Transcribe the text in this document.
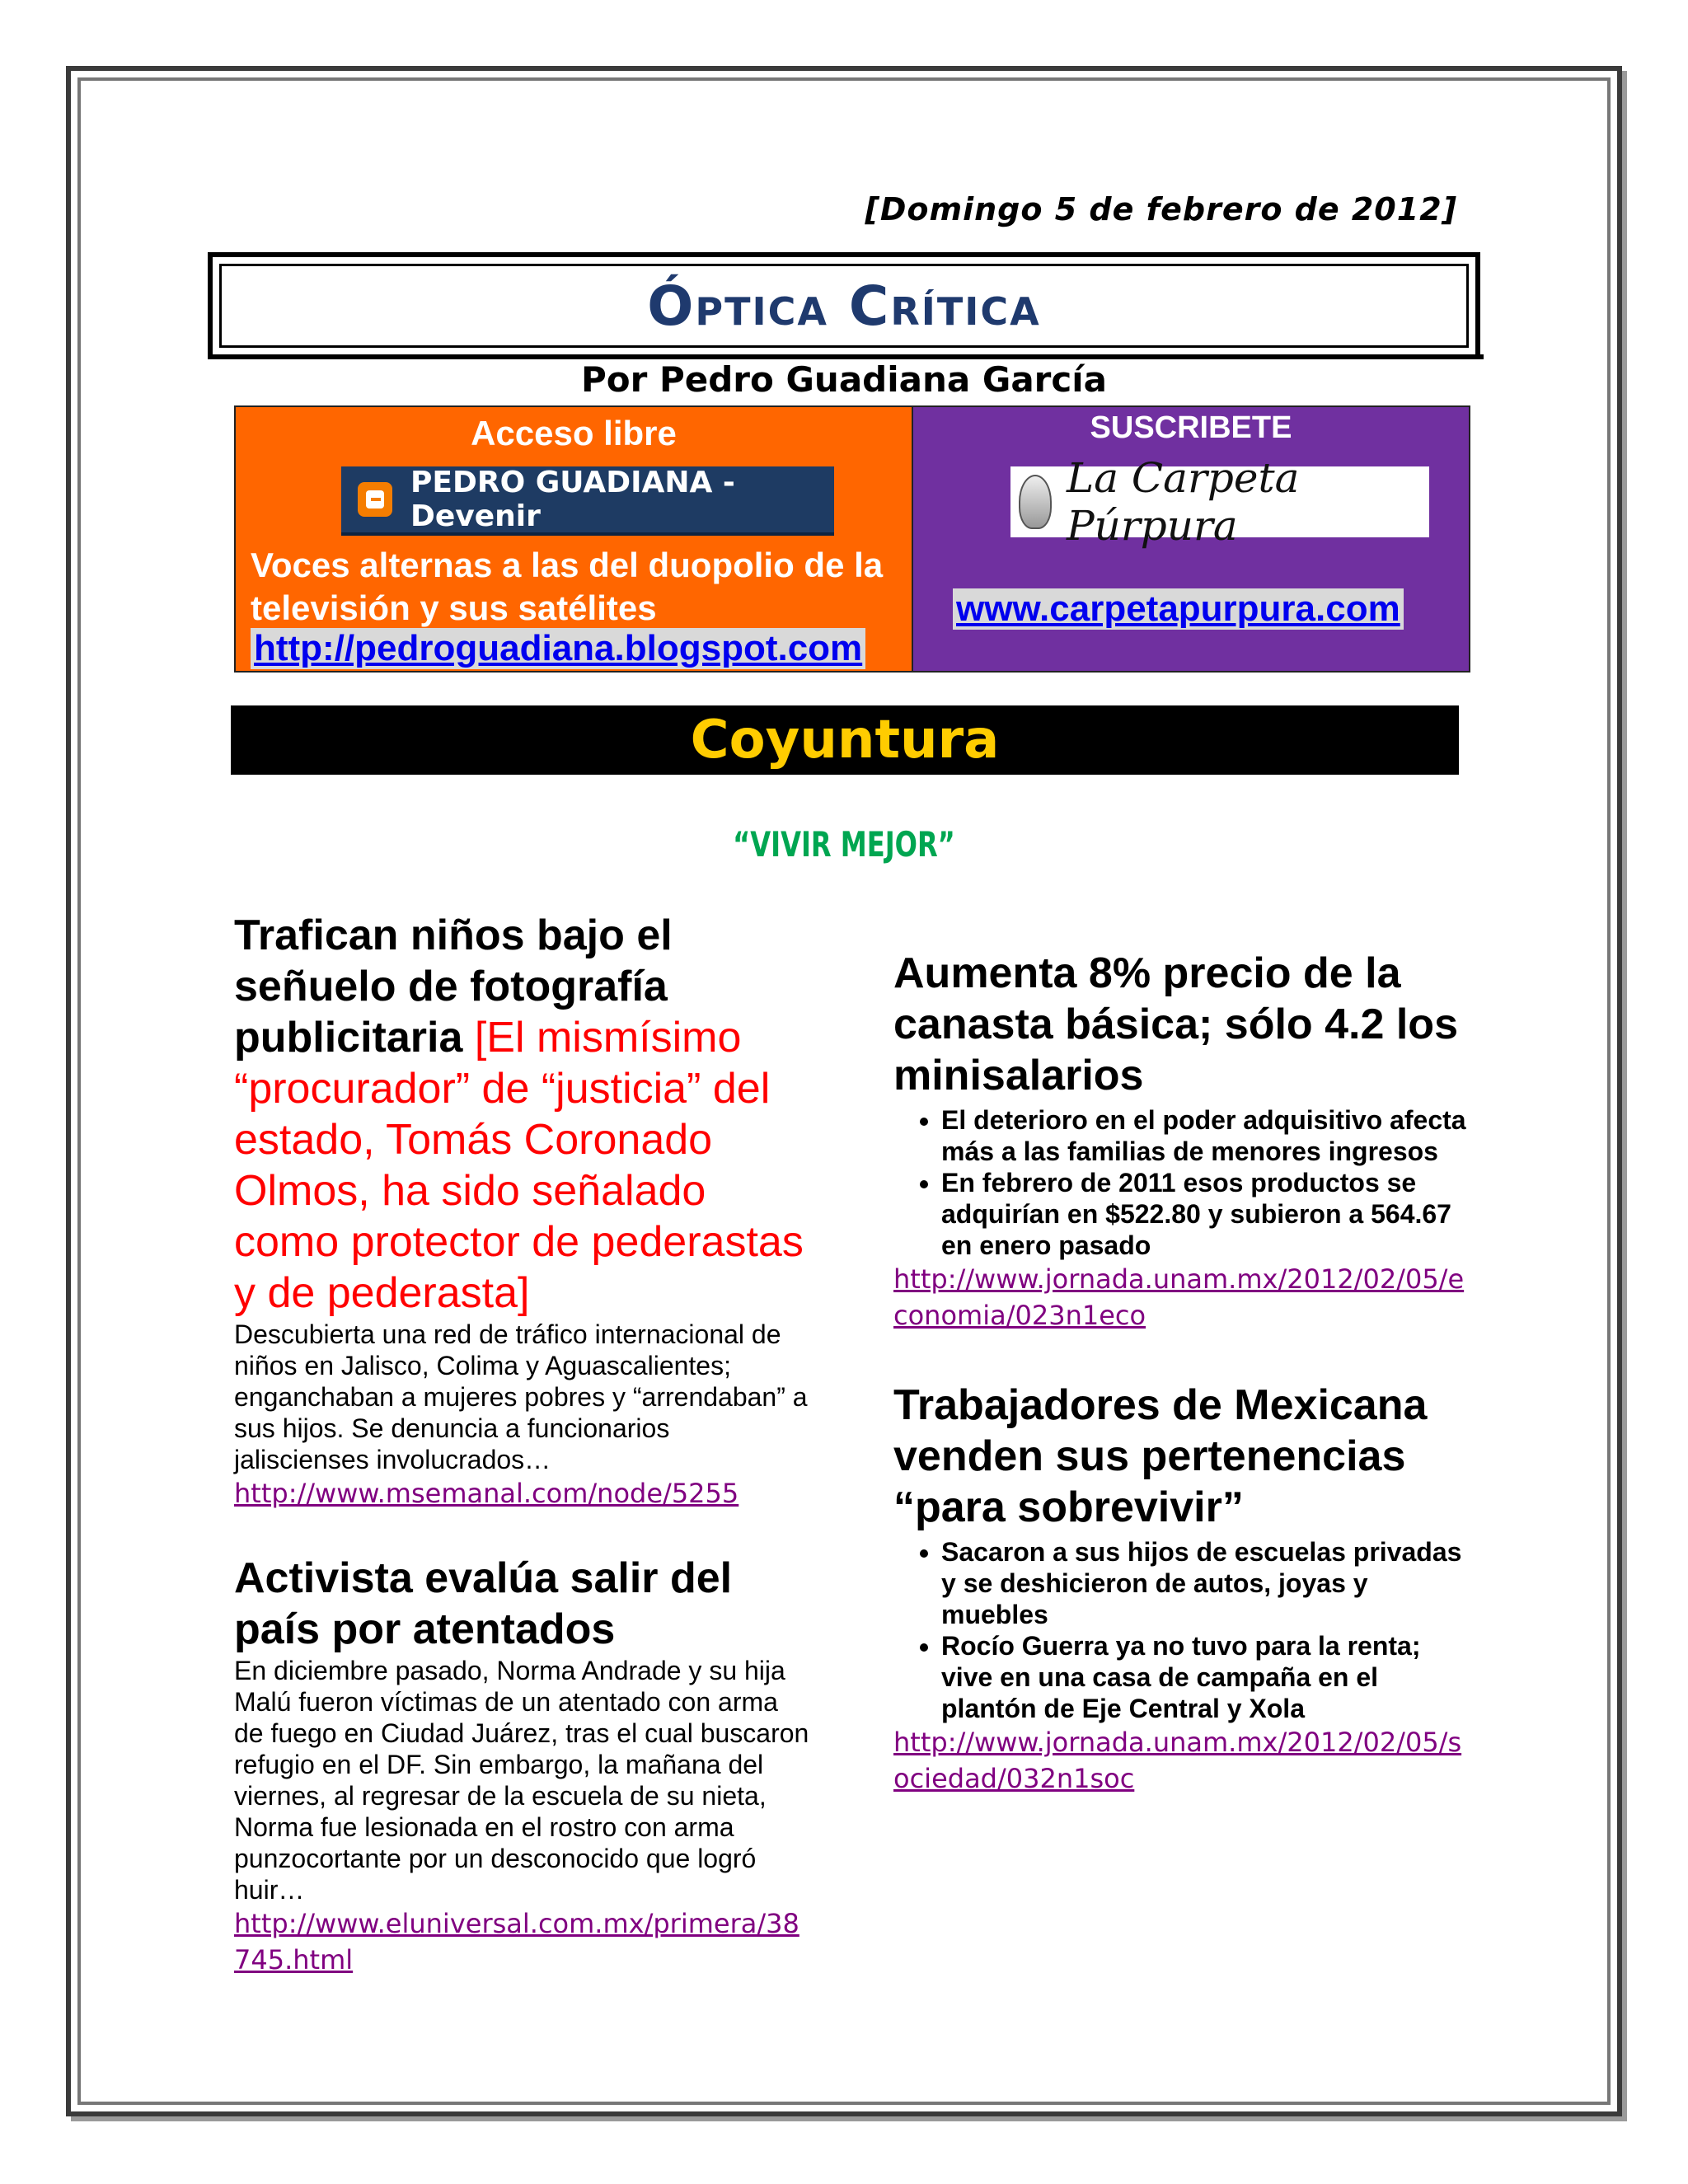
[Domingo 5 de febrero de 2012]
Óptica Crítica
Por Pedro Guadiana García
Acceso libre
PEDRO GUADIANA - Devenir
Voces alternas a las del duopolio de la televisión y sus satélites
http://pedroguadiana.blogspot.com
SUSCRIBETE
La Carpeta Púrpura
www.carpetapurpura.com
Coyuntura
“VIVIR MEJOR”

Trafican niños bajo el señuelo de fotografía publicitaria [El mismísimo “procurador” de “justicia” del estado, Tomás Coronado Olmos, ha sido señalado como protector de pederastas y de pederasta]

Descubierta una red de tráfico internacional de niños en Jalisco, Colima y Aguascalientes; enganchaban a mujeres pobres y “arrendaban” a sus hijos. Se denuncia a funcionarios jaliscienses involucrados…

http://www.msemanal.com/node/5255

Activista evalúa salir del país por atentados

En diciembre pasado, Norma Andrade y su hija Malú fueron víctimas de un atentado con arma de fuego en Ciudad Juárez, tras el cual buscaron refugio en el DF. Sin embargo, la mañana del viernes, al regresar de la escuela de su nieta, Norma fue lesionada en el rostro con arma punzocortante por un desconocido que logró huir…

http://www.eluniversal.com.mx/primera/38745.html

Aumenta 8% precio de la canasta básica; sólo 4.2 los minisalarios

• El deterioro en el poder adquisitivo afecta más a las familias de menores ingresos
• En febrero de 2011 esos productos se adquirían en $522.80 y subieron a 564.67 en enero pasado
http://www.jornada.unam.mx/2012/02/05/economia/023n1eco

Trabajadores de Mexicana venden sus pertenencias “para sobrevivir”

• Sacaron a sus hijos de escuelas privadas y se deshicieron de autos, joyas y muebles
• Rocío Guerra ya no tuvo para la renta; vive en una casa de campaña en el plantón de Eje Central y Xola
http://www.jornada.unam.mx/2012/02/05/sociedad/032n1soc
